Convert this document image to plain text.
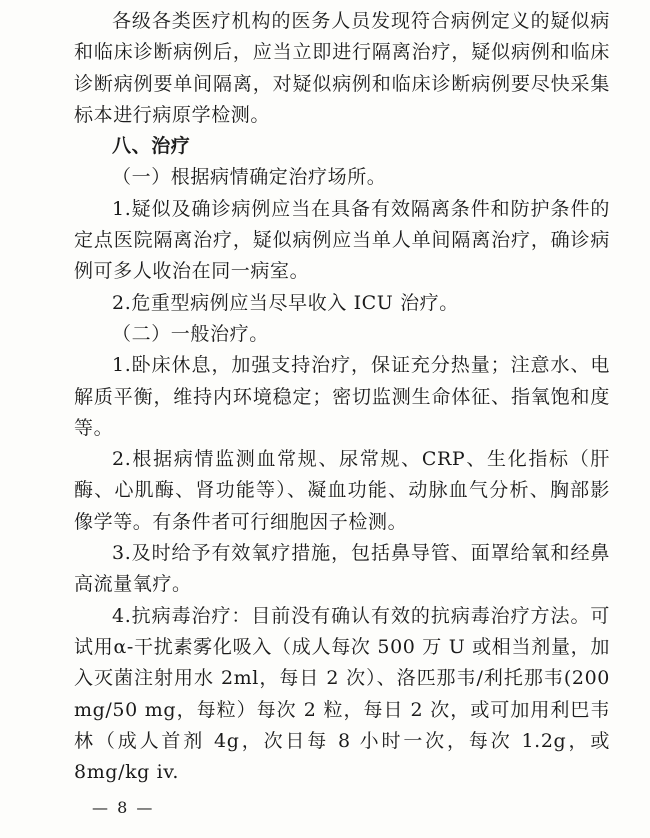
各级各类医疗机构的医务人员发现符合病例定义的疑似病和临床诊断病例后，应当立即进行隔离治疗，疑似病例和临床诊断病例要单间隔离，对疑似病例和临床诊断病例要尽快采集标本进行病原学检测。

八、治疗

（一）根据病情确定治疗场所。

1.疑似及确诊病例应当在具备有效隔离条件和防护条件的定点医院隔离治疗，疑似病例应当单人单间隔离治疗，确诊病例可多人收治在同一病室。

2.危重型病例应当尽早收入 ICU 治疗。

（二）一般治疗。

1.卧床休息，加强支持治疗，保证充分热量；注意水、电解质平衡，维持内环境稳定；密切监测生命体征、指氧饱和度等。

2.根据病情监测血常规、尿常规、CRP、生化指标（肝酶、心肌酶、肾功能等）、凝血功能、动脉血气分析、胸部影像学等。有条件者可行细胞因子检测。

3.及时给予有效氧疗措施，包括鼻导管、面罩给氧和经鼻高流量氧疗。

4.抗病毒治疗：目前没有确认有效的抗病毒治疗方法。可试用α-干扰素雾化吸入（成人每次 500 万 U 或相当剂量，加入灭菌注射用水 2ml，每日 2 次）、洛匹那韦/利托那韦(200 mg/50 mg，每粒）每次 2 粒，每日 2 次，或可加用利巴韦林（成人首剂 4g，次日每 8 小时一次，每次 1.2g，或 8mg/kg iv.

— 8 —
